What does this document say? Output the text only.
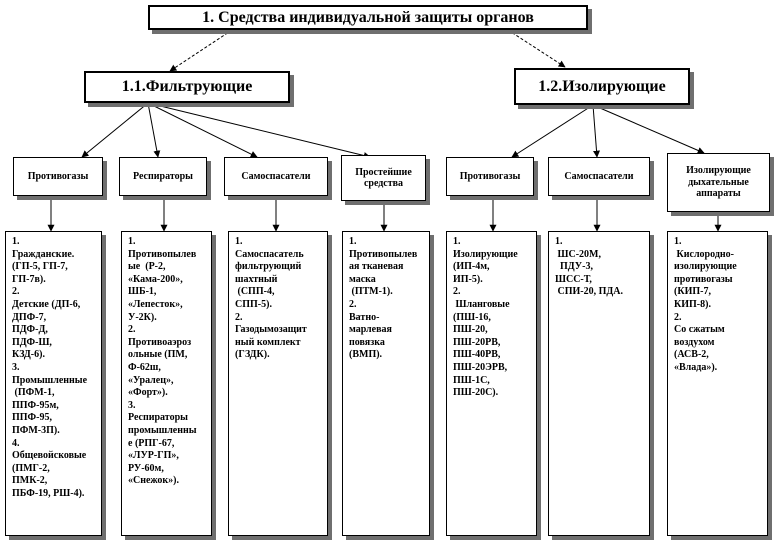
1. Средства индивидуальной защиты органов
1.1.Фильтрующие	1.2.Изолирующие
Противогазы	Респираторы	Самоспасатели	Простейшие средства
Противогазы	Самоспасатели	Изолирующие дыхательные аппараты
1.
Гражданские.
(ГП-5, ГП-7,
ГП-7в).
2.
Детские (ДП-6,
ДПФ-7,
ПДФ-Д,
ПДФ-Ш,
КЗД-6).
3.
Промышленные
(ПФМ-1,
ППФ-95м,
ППФ-95,
ПФМ-3П).
4.
Общевойсковые
(ПМГ-2,
ПМК-2,
ПБФ-19, РШ-4).
1.
Противопылев
ые  (Р-2,
«Кама-200»,
ШБ-1,
«Лепесток»,
У-2К).
2.
Противоаэроз
ольные (ПМ,
Ф-62ш,
«Уралец»,
«Форт»).
3.
Респираторы
промышленны
е (РПГ-67,
«ЛУР-ГП»,
РУ-60м,
«Снежок»).
1.
Самоспасатель
фильтрующий
шахтный
(СПП-4,
СПП-5).
2.
Газодымозащит
ный комплект
(ГЗДК).
1.
Противопылев
ая тканевая
маска
(ПТМ-1).
2.
Ватно-
марлевая
повязка
(ВМП).
1.
Изолирующие
(ИП-4м,
ИП-5).
2.
Шланговые
(ПШ-16,
ПШ-20,
ПШ-20РВ,
ПШ-40РВ,
ПШ-20ЭРВ,
ПШ-1С,
ПШ-20С).
1.
ШС-20М,
ПДУ-3,
ШСС-Т,
СПИ-20, ПДА.
1.
Кислородно-
изолирующие
противогазы
(КИП-7,
КИП-8).
2.
Со сжатым
воздухом
(АСВ-2,
«Влада»).
